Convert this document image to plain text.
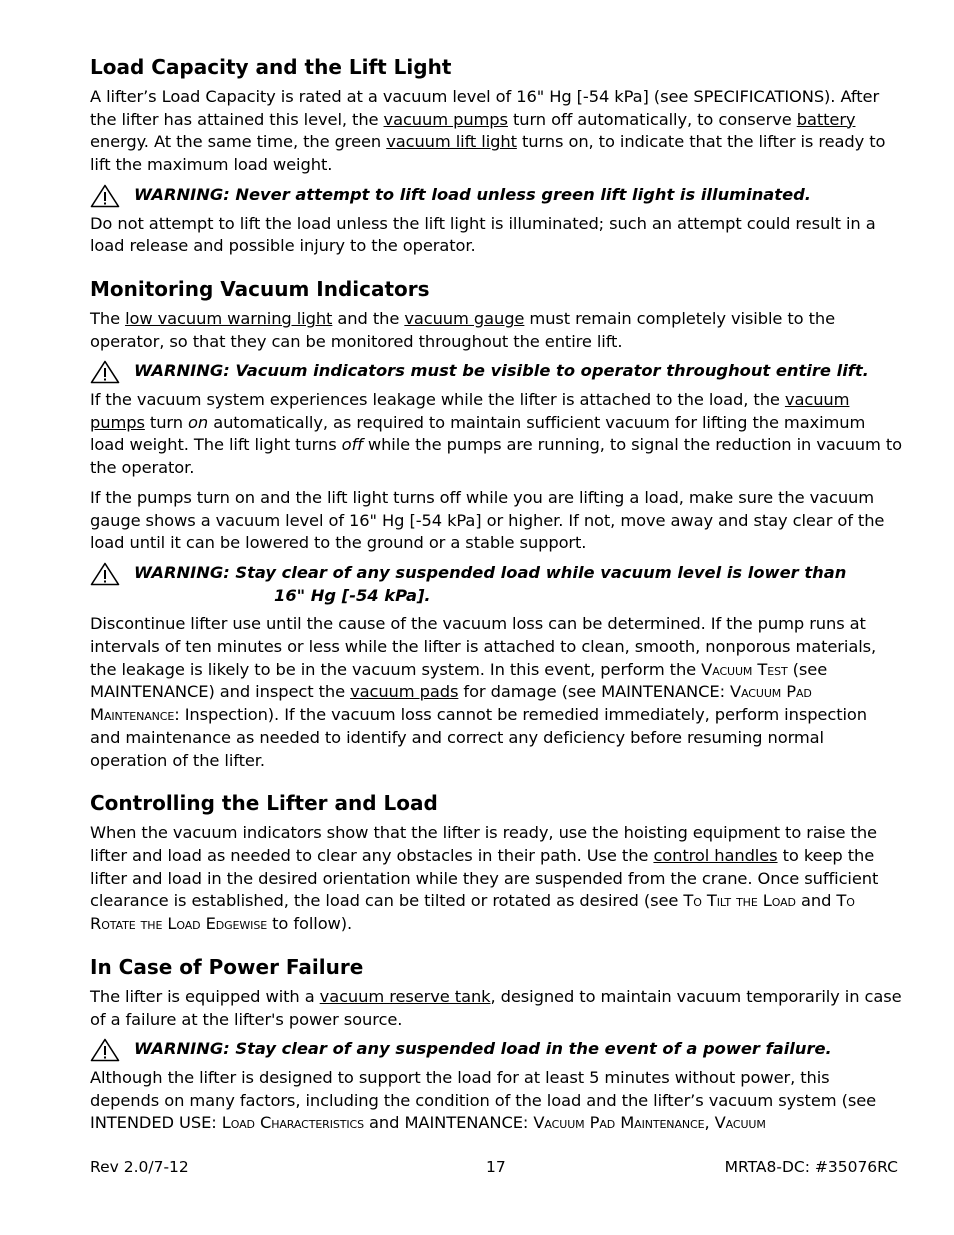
Load Capacity and the Lift Light

A lifter’s Load Capacity is rated at a vacuum level of 16" Hg [-54 kPa] (see SPECIFICATIONS). After the lifter has attained this level, the vacuum pumps turn off automatically, to conserve battery energy. At the same time, the green vacuum lift light turns on, to indicate that the lifter is ready to lift the maximum load weight.

WARNING: Never attempt to lift load unless green lift light is illuminated.

Do not attempt to lift the load unless the lift light is illuminated; such an attempt could result in a load release and possible injury to the operator.

Monitoring Vacuum Indicators

The low vacuum warning light and the vacuum gauge must remain completely visible to the operator, so that they can be monitored throughout the entire lift.

WARNING: Vacuum indicators must be visible to operator throughout entire lift.

If the vacuum system experiences leakage while the lifter is attached to the load, the vacuum pumps turn on automatically, as required to maintain sufficient vacuum for lifting the maximum load weight. The lift light turns off while the pumps are running, to signal the reduction in vacuum to the operator.

If the pumps turn on and the lift light turns off while you are lifting a load, make sure the vacuum gauge shows a vacuum level of 16" Hg [-54 kPa] or higher. If not, move away and stay clear of the load until it can be lowered to the ground or a stable support.

WARNING: Stay clear of any suspended load while vacuum level is lower than
16" Hg [-54 kPa].

Discontinue lifter use until the cause of the vacuum loss can be determined. If the pump runs at intervals of ten minutes or less while the lifter is attached to clean, smooth, nonporous materials, the leakage is likely to be in the vacuum system. In this event, perform the Vacuum Test (see MAINTENANCE) and inspect the vacuum pads for damage (see MAINTENANCE: Vacuum Pad Maintenance: Inspection). If the vacuum loss cannot be remedied immediately, perform inspection and maintenance as needed to identify and correct any deficiency before resuming normal operation of the lifter.

Controlling the Lifter and Load

When the vacuum indicators show that the lifter is ready, use the hoisting equipment to raise the lifter and load as needed to clear any obstacles in their path. Use the control handles to keep the lifter and load in the desired orientation while they are suspended from the crane. Once sufficient clearance is established, the load can be tilted or rotated as desired (see To Tilt the Load and To Rotate the Load Edgewise to follow).

In Case of Power Failure

The lifter is equipped with a vacuum reserve tank, designed to maintain vacuum temporarily in case of a failure at the lifter's power source.

WARNING: Stay clear of any suspended load in the event of a power failure.

Although the lifter is designed to support the load for at least 5 minutes without power, this depends on many factors, including the condition of the load and the lifter’s vacuum system (see INTENDED USE: Load Characteristics and MAINTENANCE: Vacuum Pad Maintenance, Vacuum

Rev 2.0/7-12	17	MRTA8-DC: #35076RC
